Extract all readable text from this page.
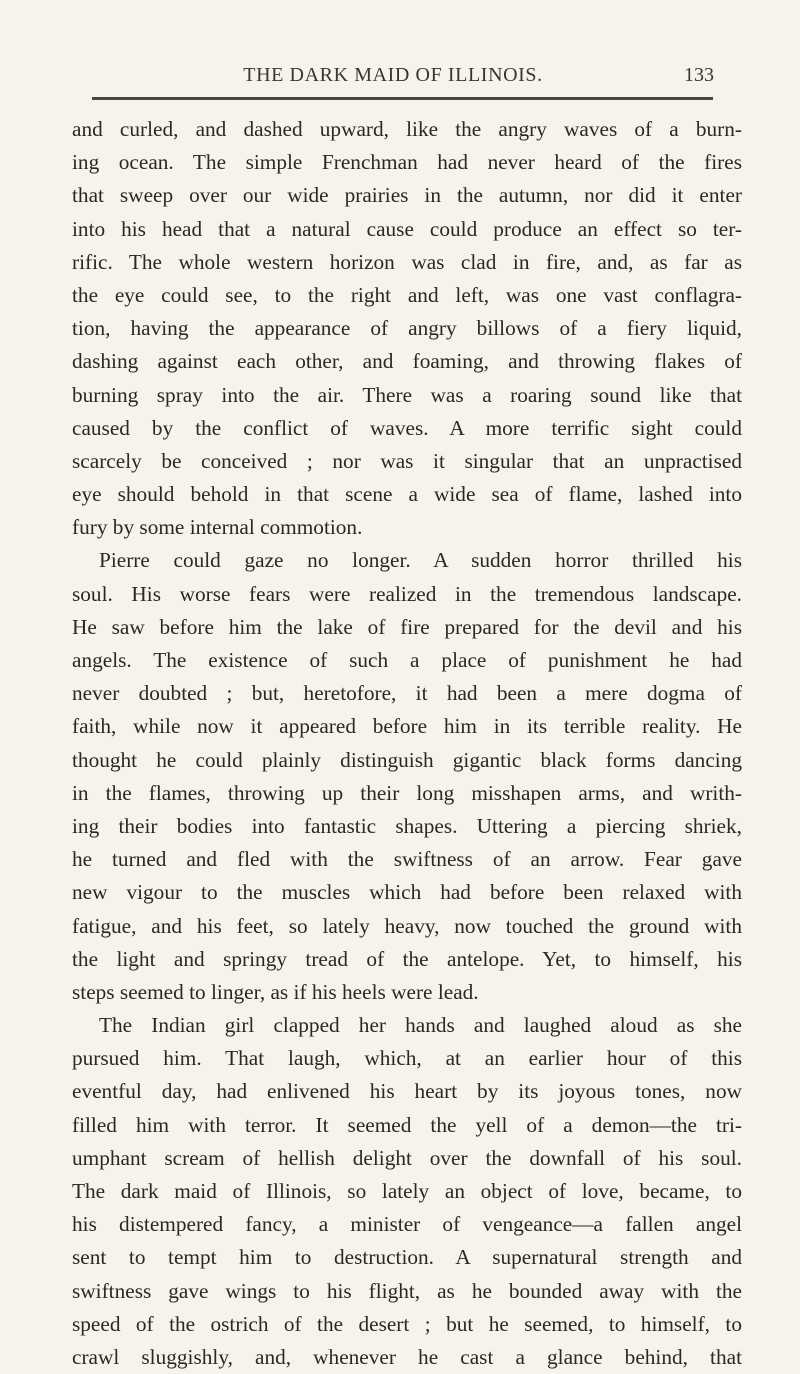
THE DARK MAID OF ILLINOIS.	133
and curled, and dashed upward, like the angry waves of a burn-
ing ocean. The simple Frenchman had never heard of the fires
that sweep over our wide prairies in the autumn, nor did it enter
into his head that a natural cause could produce an effect so ter-
rific. The whole western horizon was clad in fire, and, as far as
the eye could see, to the right and left, was one vast conflagra-
tion, having the appearance of angry billows of a fiery liquid,
dashing against each other, and foaming, and throwing flakes of
burning spray into the air. There was a roaring sound like that
caused by the conflict of waves. A more terrific sight could
scarcely be conceived ; nor was it singular that an unpractised
eye should behold in that scene a wide sea of flame, lashed into
fury by some internal commotion.
Pierre could gaze no longer. A sudden horror thrilled his
soul. His worse fears were realized in the tremendous landscape.
He saw before him the lake of fire prepared for the devil and his
angels. The existence of such a place of punishment he had
never doubted ; but, heretofore, it had been a mere dogma of
faith, while now it appeared before him in its terrible reality. He
thought he could plainly distinguish gigantic black forms dancing
in the flames, throwing up their long misshapen arms, and writh-
ing their bodies into fantastic shapes. Uttering a piercing shriek,
he turned and fled with the swiftness of an arrow. Fear gave
new vigour to the muscles which had before been relaxed with
fatigue, and his feet, so lately heavy, now touched the ground with
the light and springy tread of the antelope. Yet, to himself, his
steps seemed to linger, as if his heels were lead.
The Indian girl clapped her hands and laughed aloud as she
pursued him. That laugh, which, at an earlier hour of this
eventful day, had enlivened his heart by its joyous tones, now
filled him with terror. It seemed the yell of a demon—the tri-
umphant scream of hellish delight over the downfall of his soul.
The dark maid of Illinois, so lately an object of love, became, to
his distempered fancy, a minister of vengeance—a fallen angel
sent to tempt him to destruction. A supernatural strength and
swiftness gave wings to his flight, as he bounded away with the
speed of the ostrich of the desert ; but he seemed, to himself, to
crawl sluggishly, and, whenever he cast a glance behind, that
